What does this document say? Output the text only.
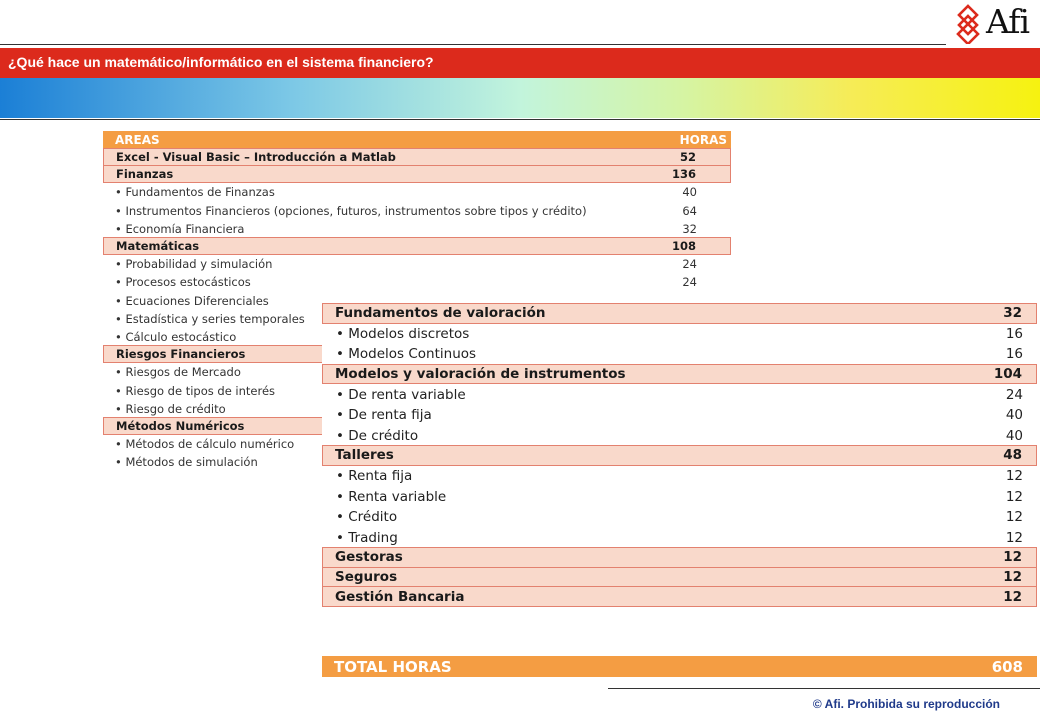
Afi
¿Qué hace un matemático/informático en el sistema financiero?
AREAS	HORAS
Excel - Visual Basic – Introducción a Matlab	52
Finanzas	136
• Fundamentos de Finanzas	40
• Instrumentos Financieros (opciones, futuros, instrumentos sobre tipos y crédito)	64
• Economía Financiera	32
Matemáticas	108
• Probabilidad y simulación	24
• Procesos estocásticos	24
• Ecuaciones Diferenciales
• Estadística y series temporales
• Cálculo estocástico
Riesgos Financieros
• Riesgos de Mercado
• Riesgo de tipos de interés
• Riesgo de crédito
Métodos Numéricos
• Métodos de cálculo numérico
• Métodos de simulación
Fundamentos de valoración	32
• Modelos discretos	16
• Modelos Continuos	16
Modelos y valoración de instrumentos	104
• De renta variable	24
• De renta fija	40
• De crédito	40
Talleres	48
• Renta fija	12
• Renta variable	12
• Crédito	12
• Trading	12
Gestoras	12
Seguros	12
Gestión Bancaria	12
TOTAL HORAS	608
© Afi. Prohibida su reproducción
